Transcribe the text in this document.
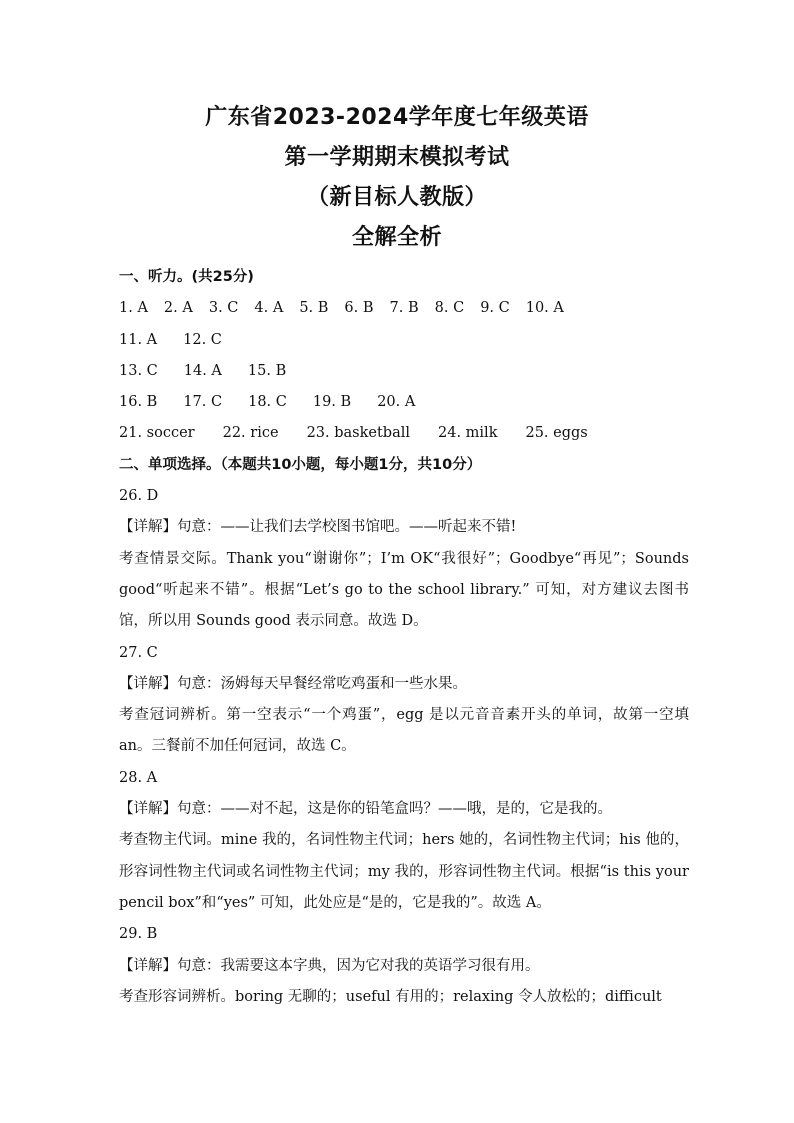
广东省2023-2024学年度七年级英语
第一学期期末模拟考试
（新目标人教版）
全解全析
一、听力。(共25分)
1. A 2. A 3. C 4. A 5. B 6. B 7. B 8. C 9. C 10. A
11. A 12. C
13. C 14. A 15. B
16. B 17. C 18. C 19. B 20. A
21. soccer 22. rice 23. basketball 24. milk 25. eggs
二、单项选择。（本题共10小题，每小题1分，共10分）
26. D
【详解】句意：——让我们去学校图书馆吧。——听起来不错!
考查情景交际。Thank you“谢谢你”；I’m OK“我很好”；Goodbye“再见”；Sounds good“听起来不错”。根据“Let’s go to the school library.” 可知，对方建议去图书馆，所以用 Sounds good 表示同意。故选 D。
27. C
【详解】句意：汤姆每天早餐经常吃鸡蛋和一些水果。
考查冠词辨析。第一空表示“一个鸡蛋”，egg 是以元音音素开头的单词，故第一空填 an。三餐前不加任何冠词，故选 C。
28. A
【详解】句意：——对不起，这是你的铅笔盒吗？——哦，是的，它是我的。
考查物主代词。mine 我的，名词性物主代词；hers 她的，名词性物主代词；his 他的，形容词性物主代词或名词性物主代词；my 我的，形容词性物主代词。根据“is this your pencil box”和“yes” 可知，此处应是“是的，它是我的”。故选 A。
29. B
【详解】句意：我需要这本字典，因为它对我的英语学习很有用。
考查形容词辨析。boring 无聊的；useful 有用的；relaxing 令人放松的；difficult
